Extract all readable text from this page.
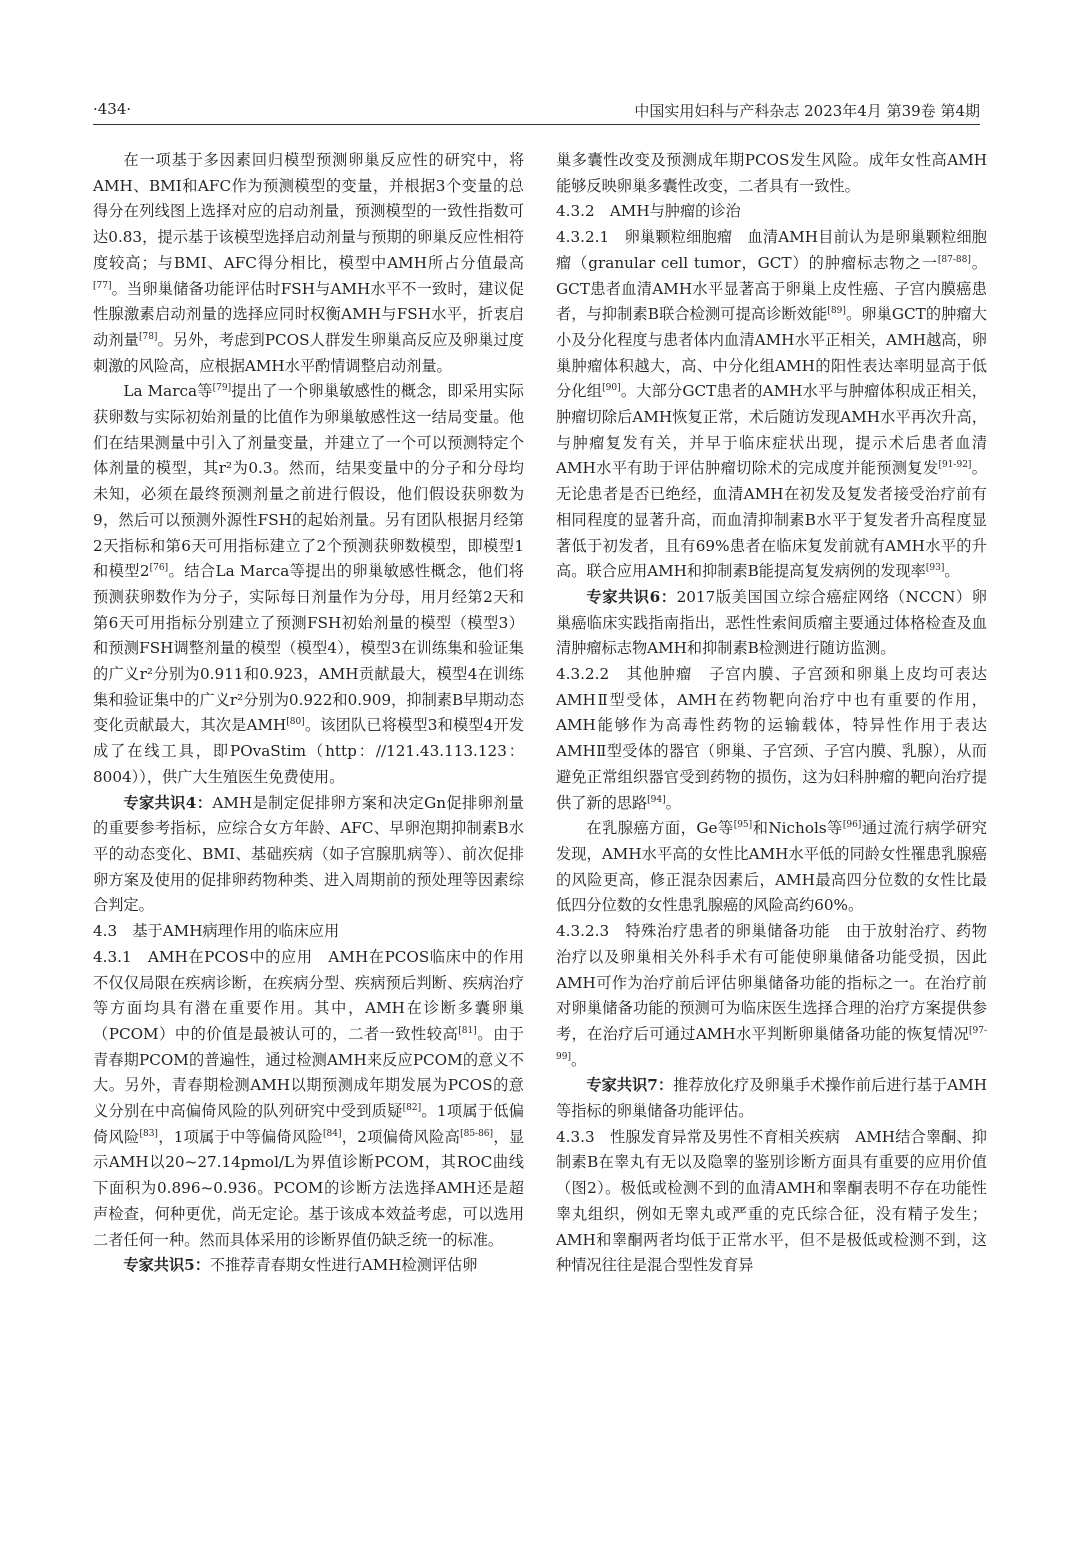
·434·	中国实用妇科与产科杂志 2023年4月 第39卷 第4期

在一项基于多因素回归模型预测卵巢反应性的研究中，将AMH、BMI和AFC作为预测模型的变量，并根据3个变量的总得分在列线图上选择对应的启动剂量，预测模型的一致性指数可达0.83，提示基于该模型选择启动剂量与预期的卵巢反应性相符度较高；与BMI、AFC得分相比，模型中AMH所占分值最高[77]。当卵巢储备功能评估时FSH与AMH水平不一致时，建议促性腺激素启动剂量的选择应同时权衡AMH与FSH水平，折衷启动剂量[78]。另外，考虑到PCOS人群发生卵巢高反应及卵巢过度刺激的风险高，应根据AMH水平酌情调整启动剂量。

La Marca等[79]提出了一个卵巢敏感性的概念，即采用实际获卵数与实际初始剂量的比值作为卵巢敏感性这一结局变量。他们在结果测量中引入了剂量变量，并建立了一个可以预测特定个体剂量的模型，其r²为0.3。然而，结果变量中的分子和分母均未知，必须在最终预测剂量之前进行假设，他们假设获卵数为9，然后可以预测外源性FSH的起始剂量。另有团队根据月经第2天指标和第6天可用指标建立了2个预测获卵数模型，即模型1和模型2[76]。结合La Marca等提出的卵巢敏感性概念，他们将预测获卵数作为分子，实际每日剂量作为分母，用月经第2天和第6天可用指标分别建立了预测FSH初始剂量的模型（模型3）和预测FSH调整剂量的模型（模型4），模型3在训练集和验证集的广义r²分别为0.911和0.923，AMH贡献最大，模型4在训练集和验证集中的广义r²分别为0.922和0.909，抑制素B早期动态变化贡献最大，其次是AMH[80]。该团队已将模型3和模型4开发成了在线工具，即POvaStim（http：//121.43.113.123：8004）），供广大生殖医生免费使用。

专家共识4：AMH是制定促排卵方案和决定Gn促排卵剂量的重要参考指标，应综合女方年龄、AFC、早卵泡期抑制素B水平的动态变化、BMI、基础疾病（如子宫腺肌病等）、前次促排卵方案及使用的促排卵药物种类、进入周期前的预处理等因素综合判定。

4.3　基于AMH病理作用的临床应用

4.3.1　AMH在PCOS中的应用　AMH在PCOS临床中的作用不仅仅局限在疾病诊断，在疾病分型、疾病预后判断、疾病治疗等方面均具有潜在重要作用。其中，AMH在诊断多囊卵巢（PCOM）中的价值是最被认可的，二者一致性较高[81]。由于青春期PCOM的普遍性，通过检测AMH来反应PCOM的意义不大。另外，青春期检测AMH以期预测成年期发展为PCOS的意义分别在中高偏倚风险的队列研究中受到质疑[82]。1项属于低偏倚风险[83]，1项属于中等偏倚风险[84]，2项偏倚风险高[85-86]，显示AMH以20~27.14pmol/L为界值诊断PCOM，其ROC曲线下面积为0.896~0.936。PCOM的诊断方法选择AMH还是超声检查，何种更优，尚无定论。基于该成本效益考虑，可以选用二者任何一种。然而具体采用的诊断界值仍缺乏统一的标准。

专家共识5：不推荐青春期女性进行AMH检测评估卵

巢多囊性改变及预测成年期PCOS发生风险。成年女性高AMH能够反映卵巢多囊性改变，二者具有一致性。

4.3.2　AMH与肿瘤的诊治

4.3.2.1　卵巢颗粒细胞瘤　血清AMH目前认为是卵巢颗粒细胞瘤（granular cell tumor，GCT）的肿瘤标志物之一[87-88]。GCT患者血清AMH水平显著高于卵巢上皮性癌、子宫内膜癌患者，与抑制素B联合检测可提高诊断效能[89]。卵巢GCT的肿瘤大小及分化程度与患者体内血清AMH水平正相关，AMH越高，卵巢肿瘤体积越大，高、中分化组AMH的阳性表达率明显高于低分化组[90]。大部分GCT患者的AMH水平与肿瘤体积成正相关，肿瘤切除后AMH恢复正常，术后随访发现AMH水平再次升高，与肿瘤复发有关，并早于临床症状出现，提示术后患者血清AMH水平有助于评估肿瘤切除术的完成度并能预测复发[91-92]。无论患者是否已绝经，血清AMH在初发及复发者接受治疗前有相同程度的显著升高，而血清抑制素B水平于复发者升高程度显著低于初发者，且有69%患者在临床复发前就有AMH水平的升高。联合应用AMH和抑制素B能提高复发病例的发现率[93]。

专家共识6：2017版美国国立综合癌症网络（NCCN）卵巢癌临床实践指南指出，恶性性索间质瘤主要通过体格检查及血清肿瘤标志物AMH和抑制素B检测进行随访监测。

4.3.2.2　其他肿瘤　子宫内膜、子宫颈和卵巢上皮均可表达AMHⅡ型受体，AMH在药物靶向治疗中也有重要的作用，AMH能够作为高毒性药物的运输载体，特异性作用于表达AMHⅡ型受体的器官（卵巢、子宫颈、子宫内膜、乳腺），从而避免正常组织器官受到药物的损伤，这为妇科肿瘤的靶向治疗提供了新的思路[94]。

在乳腺癌方面，Ge等[95]和Nichols等[96]通过流行病学研究发现，AMH水平高的女性比AMH水平低的同龄女性罹患乳腺癌的风险更高，修正混杂因素后，AMH最高四分位数的女性比最低四分位数的女性患乳腺癌的风险高约60%。

4.3.2.3　特殊治疗患者的卵巢储备功能　由于放射治疗、药物治疗以及卵巢相关外科手术有可能使卵巢储备功能受损，因此AMH可作为治疗前后评估卵巢储备功能的指标之一。在治疗前对卵巢储备功能的预测可为临床医生选择合理的治疗方案提供参考，在治疗后可通过AMH水平判断卵巢储备功能的恢复情况[97-99]。

专家共识7：推荐放化疗及卵巢手术操作前后进行基于AMH等指标的卵巢储备功能评估。

4.3.3　性腺发育异常及男性不育相关疾病　AMH结合睾酮、抑制素B在睾丸有无以及隐睾的鉴别诊断方面具有重要的应用价值（图2）。极低或检测不到的血清AMH和睾酮表明不存在功能性睾丸组织，例如无睾丸或严重的克氏综合征，没有精子发生；AMH和睾酮两者均低于正常水平，但不是极低或检测不到，这种情况往往是混合型性发育异
